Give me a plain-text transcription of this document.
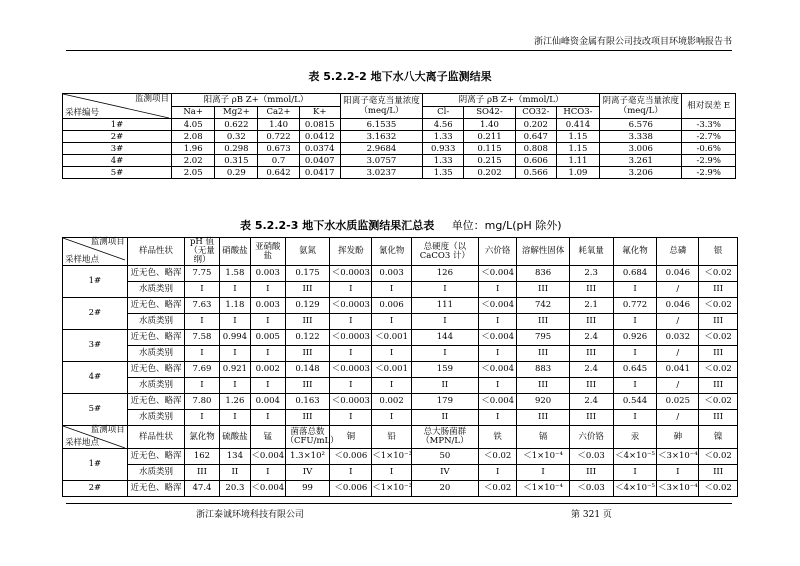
浙江仙峰资金属有限公司技改项目环境影响报告书
表 5.2.2-2 地下水八大离子监测结果
监测项目
采样编号	阳离子 ρB Z+（mmol/L）				阳离子毫克当量浓度（meq/L）	阴离子 ρB Z+（mmol/L）				阴离子毫克当量浓度（meq/L）	相对误差 E
	Na+	Mg2+	Ca2+	K+		Cl-	SO42-	CO32-	HCO3-		
1#	4.05	0.622	1.40	0.0815	6.1535	4.56	1.40	0.202	0.414	6.576	-3.3%
2#	2.08	0.32	0.722	0.0412	3.1632	1.33	0.211	0.647	1.15	3.338	-2.7%
3#	1.96	0.298	0.673	0.0374	2.9684	0.933	0.115	0.808	1.15	3.006	-0.6%
4#	2.02	0.315	0.7	0.0407	3.0757	1.33	0.215	0.606	1.11	3.261	-2.9%
5#	2.05	0.29	0.642	0.0417	3.0237	1.35	0.202	0.566	1.09	3.206	-2.9%
表 5.2.2-3 地下水水质监测结果汇总表 单位：mg/L(pH 除外)
监测项目
采样地点	样品性状	pH 值（无量纲）	硝酸盐	亚硝酸盐	氨氮	挥发酚	氰化物	总硬度（以CaCO3 计）	六价铬	溶解性固体	耗氧量	氟化物	总磷	银
1#	近无色、略浑	7.75	1.58	0.003	0.175	＜0.0003	0.003	126	＜0.004	836	2.3	0.684	0.046	＜0.02
	水质类别	I	I	I	III	I	I	I	I	III	III	I	/	III
2#	近无色、略浑	7.63	1.18	0.003	0.129	＜0.0003	0.006	111	＜0.004	742	2.1	0.772	0.046	＜0.02
	水质类别	I	I	I	III	I	I	I	I	III	III	I	/	III
3#	近无色、略浑	7.58	0.994	0.005	0.122	＜0.0003	＜0.001	144	＜0.004	795	2.4	0.926	0.032	＜0.02
	水质类别	I	I	I	III	I	I	I	I	III	III	I	/	III
4#	近无色、略浑	7.69	0.921	0.002	0.148	＜0.0003	＜0.001	159	＜0.004	883	2.4	0.645	0.041	＜0.02
	水质类别	I	I	I	III	I	I	II	I	III	III	I	/	III
5#	近无色、略浑	7.80	1.26	0.004	0.163	＜0.0003	0.002	179	＜0.004	920	2.4	0.544	0.025	＜0.02
	水质类别	I	I	I	III	I	I	II	I	III	III	I	/	III

监测项目
采样地点	样品性状	氯化物	硫酸盐	锰	菌落总数（CFU/mL）	铜	铅	总大肠菌群（MPN/L）	铁	镉	六价铬	汞	砷	镍
1#	近无色、略浑	162	134	＜0.004	1.3×10²	＜0.006	＜1×10⁻³	50	＜0.02	＜1×10⁻⁴	＜0.03	＜4×10⁻⁵	＜3×10⁻⁴	＜0.02
	水质类别	III	II	I	IV	I	I	IV	I	I	III	I	I	III
2#	近无色、略浑	47.4	20.3	＜0.004	99	＜0.006	＜1×10⁻³	20	＜0.02	＜1×10⁻⁴	＜0.03	＜4×10⁻⁵	＜3×10⁻⁴	＜0.02
浙江泰诚环境科技有限公司	第 321 页
